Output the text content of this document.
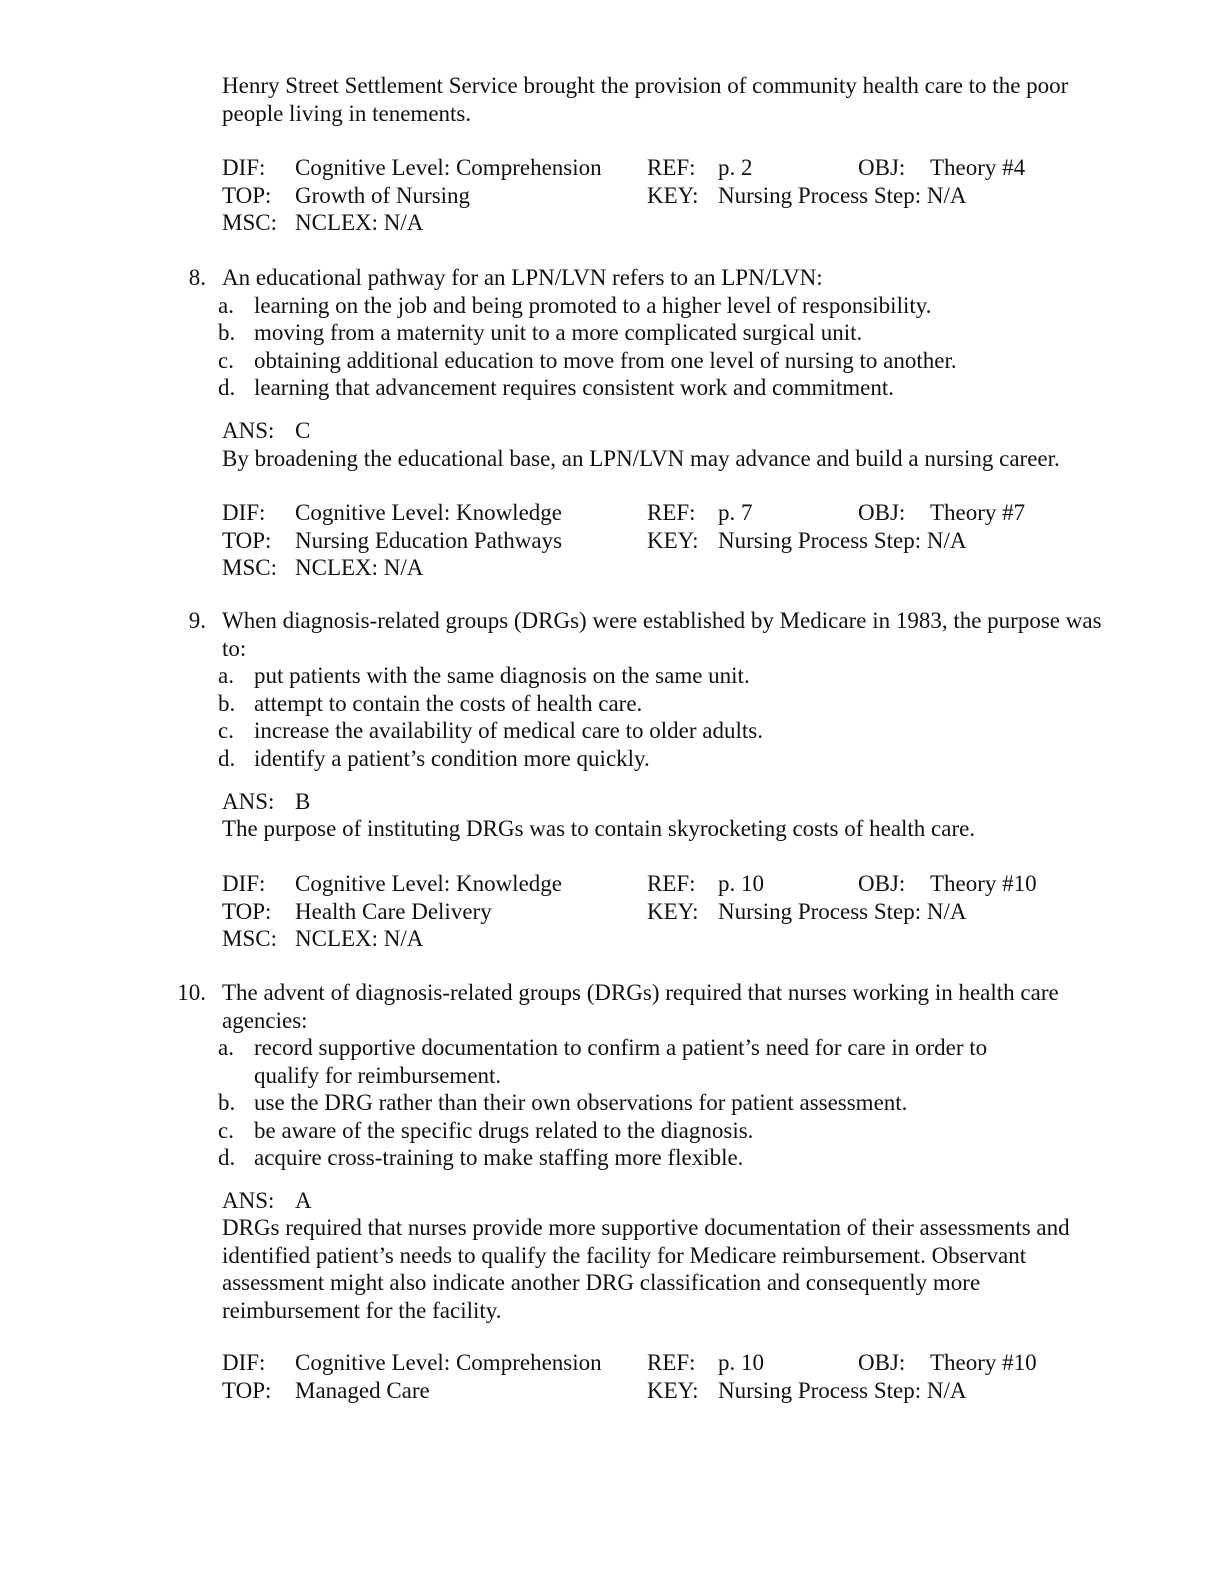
Henry Street Settlement Service brought the provision of community health care to the poor people living in tenements.

DIF: Cognitive Level: Comprehension REF: p. 2	OBJ: Theory #4
TOP: Growth of Nursing	KEY: Nursing Process Step: N/A
MSC: NCLEX: N/A
8. An educational pathway for an LPN/LVN refers to an LPN/LVN:
a. learning on the job and being promoted to a higher level of responsibility.
b. moving from a maternity unit to a more complicated surgical unit.
c. obtaining additional education to move from one level of nursing to another.
d. learning that advancement requires consistent work and commitment.
ANS: C
By broadening the educational base, an LPN/LVN may advance and build a nursing career.
DIF: Cognitive Level: Knowledge	REF: p. 7	OBJ: Theory #7
TOP: Nursing Education Pathways	KEY: Nursing Process Step: N/A
MSC: NCLEX: N/A
9. When diagnosis-related groups (DRGs) were established by Medicare in 1983, the purpose was to:
a. put patients with the same diagnosis on the same unit.
b. attempt to contain the costs of health care.
c. increase the availability of medical care to older adults.
d. identify a patient’s condition more quickly.
ANS: B
The purpose of instituting DRGs was to contain skyrocketing costs of health care.
DIF: Cognitive Level: Knowledge	REF: p. 10	OBJ: Theory #10
TOP: Health Care Delivery	KEY: Nursing Process Step: N/A
MSC: NCLEX: N/A
10. The advent of diagnosis-related groups (DRGs) required that nurses working in health care agencies:
a. record supportive documentation to confirm a patient’s need for care in order to qualify for reimbursement.
b. use the DRG rather than their own observations for patient assessment.
c. be aware of the specific drugs related to the diagnosis.
d. acquire cross-training to make staffing more flexible.
ANS: A
DRGs required that nurses provide more supportive documentation of their assessments and identified patient’s needs to qualify the facility for Medicare reimbursement. Observant assessment might also indicate another DRG classification and consequently more reimbursement for the facility.
DIF: Cognitive Level: Comprehension REF: p. 10	OBJ: Theory #10
TOP: Managed Care	KEY: Nursing Process Step: N/A
